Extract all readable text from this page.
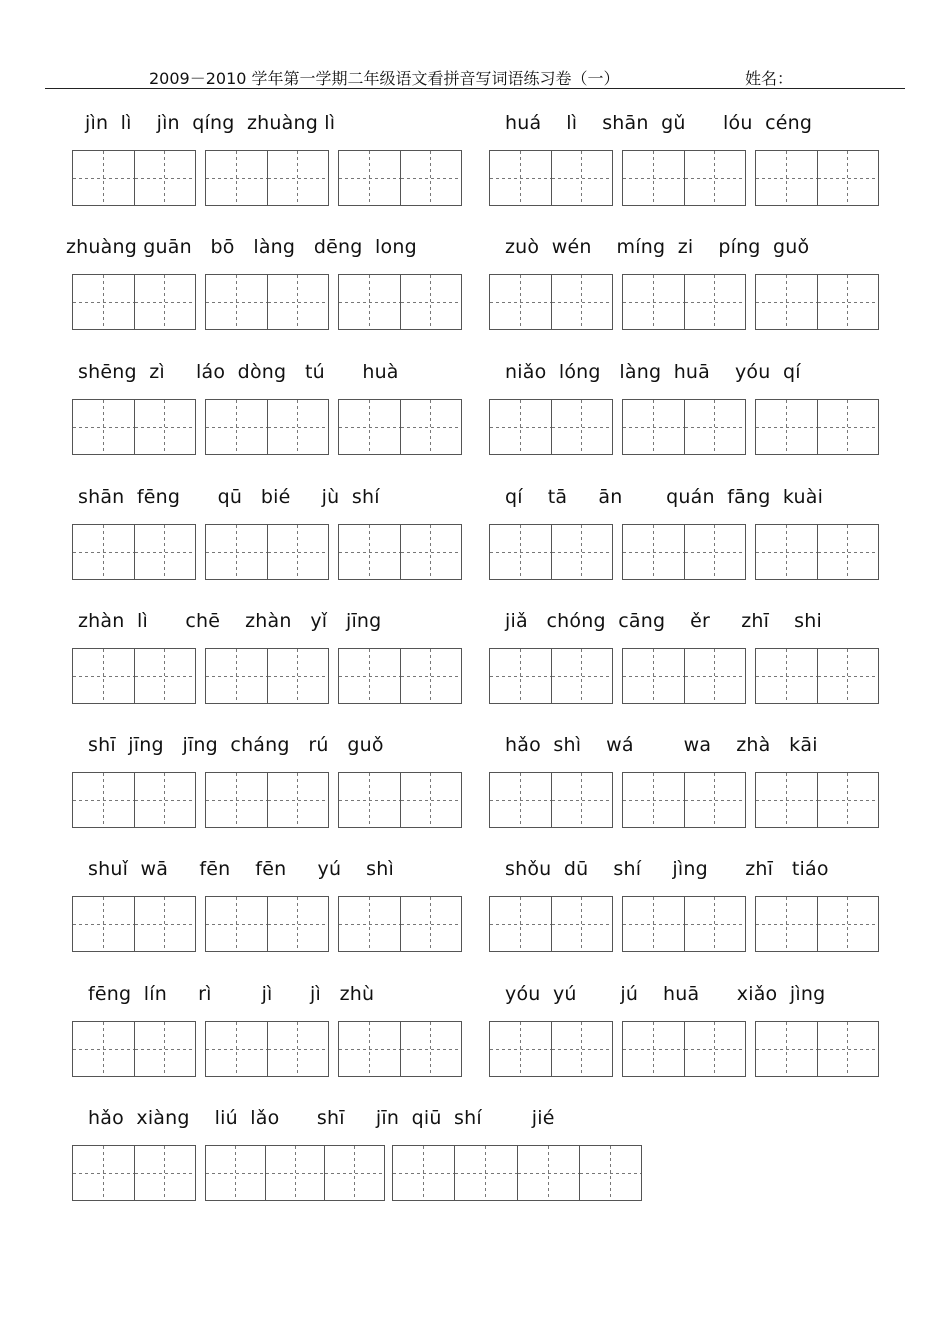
2009－2010 学年第一学期二年级语文看拼音写词语练习卷（一）	姓名：
jìn  lì    jìn  qíng  zhuàng lì	huá    lì    shān  gǔ      lóu  céng
zhuàng guān   bō   làng   dēng  long	zuò  wén    míng  zi    píng  guǒ
shēng  zì     láo  dòng   tú      huà	niǎo  lóng   làng  huā    yóu  qí
shān  fēng      qū   bié     jù  shí	qí    tā     ān       quán  fāng  kuài
zhàn  lì      chē    zhàn   yǐ   jīng	jiǎ   chóng  cāng    ěr     zhī    shi
shī  jīng   jīng  cháng   rú   guǒ	hǎo  shì    wá        wa    zhà   kāi
shuǐ  wā     fēn    fēn     yú    shì	shǒu  dū    shí     jìng      zhī   tiáo
fēng  lín     rì        jì      jì   zhù	yóu  yú       jú    huā      xiǎo  jìng
hǎo  xiàng    liú  lǎo      shī     jīn  qiū  shí        jié
